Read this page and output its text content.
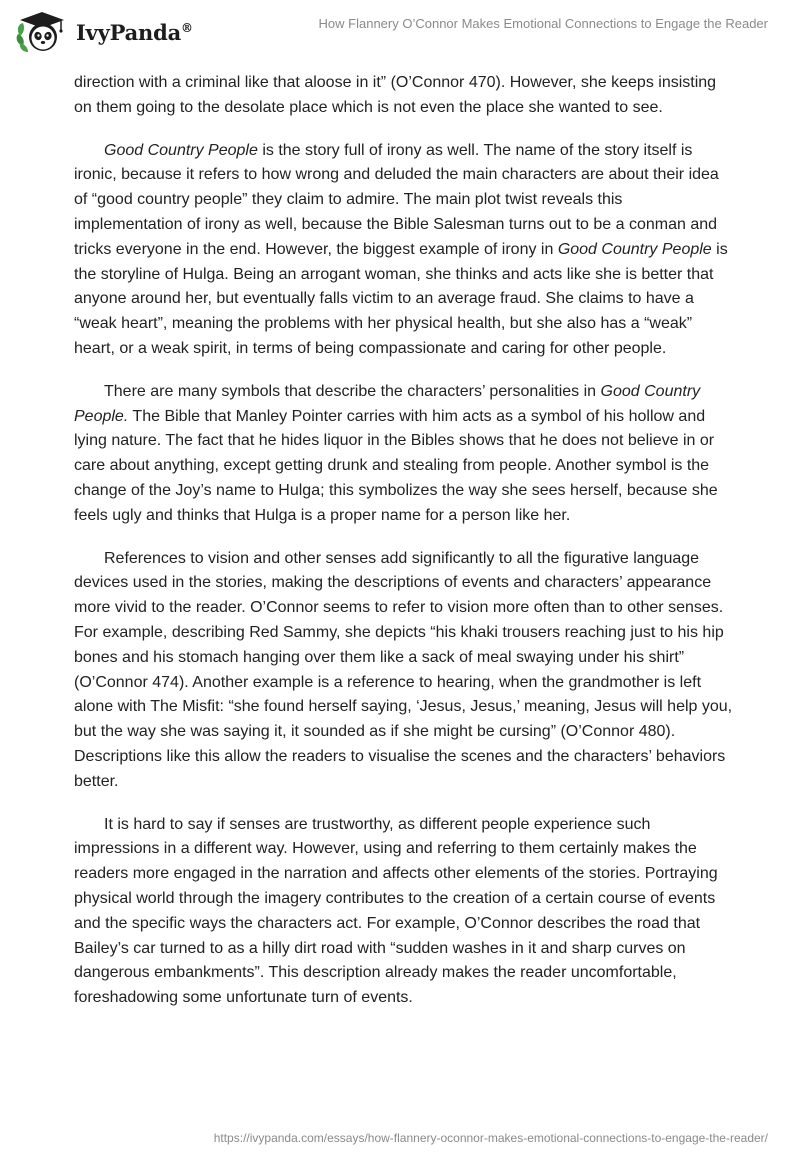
IvyPanda®	How Flannery O’Connor Makes Emotional Connections to Engage the Reader

direction with a criminal like that aloose in it” (O’Connor 470). However, she keeps insisting on them going to the desolate place which is not even the place she wanted to see.

Good Country People is the story full of irony as well. The name of the story itself is ironic, because it refers to how wrong and deluded the main characters are about their idea of “good country people” they claim to admire. The main plot twist reveals this implementation of irony as well, because the Bible Salesman turns out to be a conman and tricks everyone in the end. However, the biggest example of irony in Good Country People is the storyline of Hulga. Being an arrogant woman, she thinks and acts like she is better that anyone around her, but eventually falls victim to an average fraud. She claims to have a “weak heart”, meaning the problems with her physical health, but she also has a “weak” heart, or a weak spirit, in terms of being compassionate and caring for other people.

There are many symbols that describe the characters’ personalities in Good Country People. The Bible that Manley Pointer carries with him acts as a symbol of his hollow and lying nature. The fact that he hides liquor in the Bibles shows that he does not believe in or care about anything, except getting drunk and stealing from people. Another symbol is the change of the Joy’s name to Hulga; this symbolizes the way she sees herself, because she feels ugly and thinks that Hulga is a proper name for a person like her.

References to vision and other senses add significantly to all the figurative language devices used in the stories, making the descriptions of events and characters’ appearance more vivid to the reader. O’Connor seems to refer to vision more often than to other senses. For example, describing Red Sammy, she depicts “his khaki trousers reaching just to his hip bones and his stomach hanging over them like a sack of meal swaying under his shirt” (O’Connor 474). Another example is a reference to hearing, when the grandmother is left alone with The Misfit: “she found herself saying, ‘Jesus, Jesus,’ meaning, Jesus will help you, but the way she was saying it, it sounded as if she might be cursing” (O’Connor 480). Descriptions like this allow the readers to visualise the scenes and the characters’ behaviors better.

It is hard to say if senses are trustworthy, as different people experience such impressions in a different way. However, using and referring to them certainly makes the readers more engaged in the narration and affects other elements of the stories. Portraying physical world through the imagery contributes to the creation of a certain course of events and the specific ways the characters act. For example, O’Connor describes the road that Bailey’s car turned to as a hilly dirt road with “sudden washes in it and sharp curves on dangerous embankments”. This description already makes the reader uncomfortable, foreshadowing some unfortunate turn of events.

https://ivypanda.com/essays/how-flannery-oconnor-makes-emotional-connections-to-engage-the-reader/
